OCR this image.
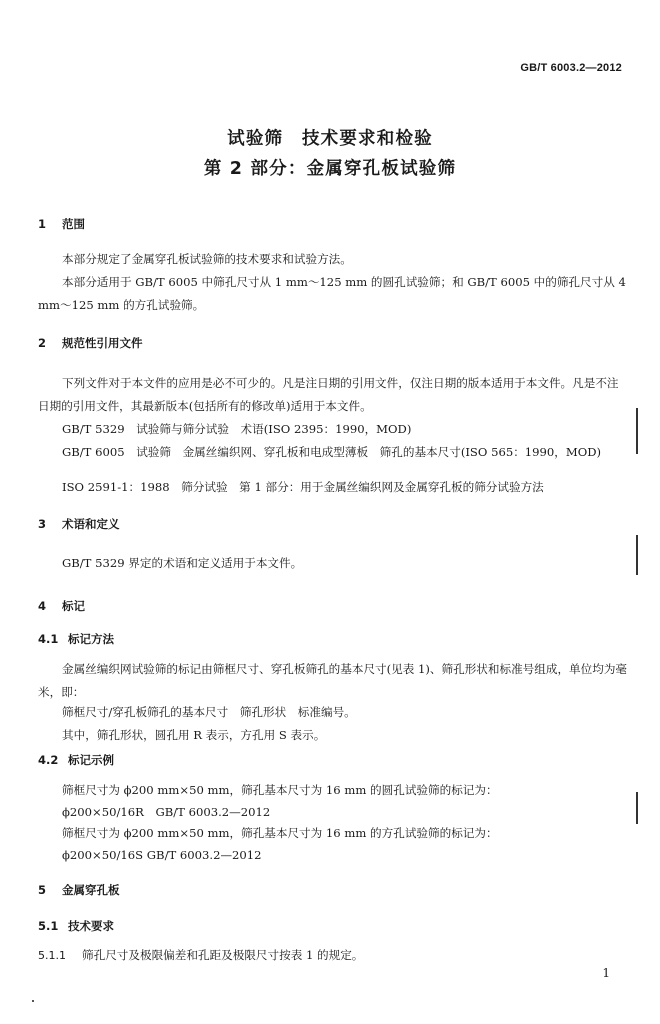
GB/T 6003.2—2012
试验筛　技术要求和检验
第 2 部分：金属穿孔板试验筛
1 范围
本部分规定了金属穿孔板试验筛的技术要求和试验方法。
本部分适用于 GB/T 6005 中筛孔尺寸从 1 mm～125 mm 的圆孔试验筛；和 GB/T 6005 中的筛孔尺寸从 4 mm～125 mm 的方孔试验筛。
2 规范性引用文件
下列文件对于本文件的应用是必不可少的。凡是注日期的引用文件，仅注日期的版本适用于本文件。凡是不注日期的引用文件，其最新版本(包括所有的修改单)适用于本文件。
GB/T 5329　试验筛与筛分试验　术语(ISO 2395：1990，MOD)
GB/T 6005　试验筛　金属丝编织网、穿孔板和电成型薄板　筛孔的基本尺寸(ISO 565：1990，MOD)
ISO 2591-1：1988　筛分试验　第 1 部分：用于金属丝编织网及金属穿孔板的筛分试验方法
3 术语和定义
GB/T 5329 界定的术语和定义适用于本文件。
4 标记
4.1 标记方法
金属丝编织网试验筛的标记由筛框尺寸、穿孔板筛孔的基本尺寸(见表 1)、筛孔形状和标准号组成，单位均为毫米，即：
筛框尺寸/穿孔板筛孔的基本尺寸　筛孔形状　标准编号。
其中，筛孔形状，圆孔用 R 表示，方孔用 S 表示。
4.2 标记示例
筛框尺寸为 ϕ200 mm×50 mm，筛孔基本尺寸为 16 mm 的圆孔试验筛的标记为：
ϕ200×50/16R　GB/T 6003.2—2012
筛框尺寸为 ϕ200 mm×50 mm，筛孔基本尺寸为 16 mm 的方孔试验筛的标记为：
ϕ200×50/16S GB/T 6003.2—2012
5 金属穿孔板
5.1 技术要求
5.1.1 筛孔尺寸及极限偏差和孔距及极限尺寸按表 1 的规定。
1
